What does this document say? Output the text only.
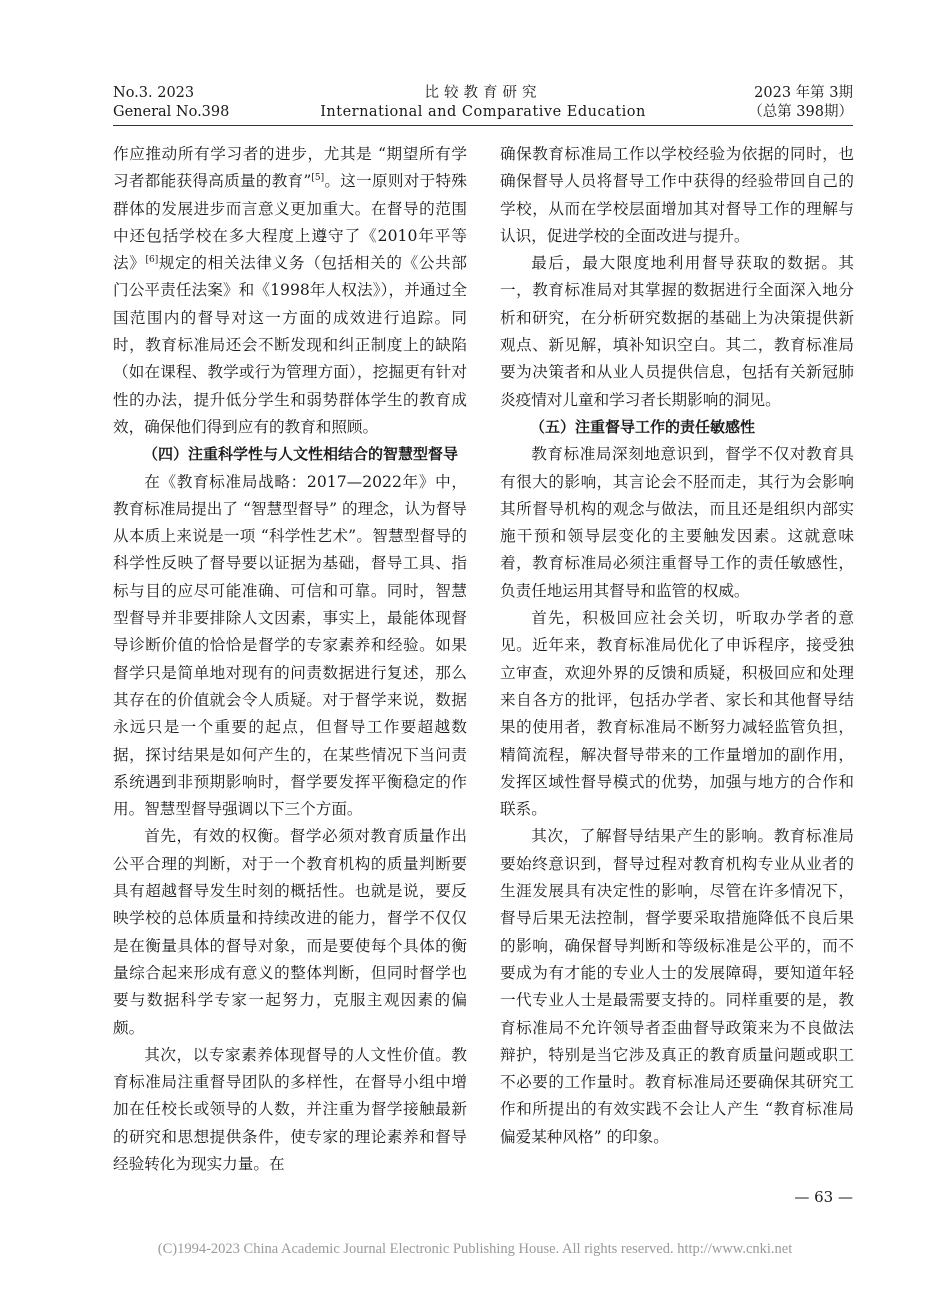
No.3. 2023
General No.398
比较教育研究
International and Comparative Education
2023 年第 3期
（总第 398期）

作应推动所有学习者的进步，尤其是 “期望所有学习者都能获得高质量的教育”[5]。这一原则对于特殊群体的发展进步而言意义更加重大。在督导的范围中还包括学校在多大程度上遵守了《2010年平等法》[6]规定的相关法律义务（包括相关的《公共部门公平责任法案》和《1998年人权法》），并通过全国范围内的督导对这一方面的成效进行追踪。同时，教育标准局还会不断发现和纠正制度上的缺陷（如在课程、教学或行为管理方面），挖掘更有针对性的办法，提升低分学生和弱势群体学生的教育成效，确保他们得到应有的教育和照顾。

（四）注重科学性与人文性相结合的智慧型督导

在《教育标准局战略：2017—2022年》中，教育标准局提出了 “智慧型督导” 的理念，认为督导从本质上来说是一项 “科学性艺术”。智慧型督导的科学性反映了督导要以证据为基础，督导工具、指标与目的应尽可能准确、可信和可靠。同时，智慧型督导并非要排除人文因素，事实上，最能体现督导诊断价值的恰恰是督学的专家素养和经验。如果督学只是简单地对现有的问责数据进行复述，那么其存在的价值就会令人质疑。对于督学来说，数据永远只是一个重要的起点，但督导工作要超越数据，探讨结果是如何产生的，在某些情况下当问责系统遇到非预期影响时，督学要发挥平衡稳定的作用。智慧型督导强调以下三个方面。

首先，有效的权衡。督学必须对教育质量作出公平合理的判断，对于一个教育机构的质量判断要具有超越督导发生时刻的概括性。也就是说，要反映学校的总体质量和持续改进的能力，督学不仅仅是在衡量具体的督导对象，而是要使每个具体的衡量综合起来形成有意义的整体判断，但同时督学也要与数据科学专家一起努力，克服主观因素的偏颇。

其次，以专家素养体现督导的人文性价值。教育标准局注重督导团队的多样性，在督导小组中增加在任校长或领导的人数，并注重为督学接触最新的研究和思想提供条件，使专家的理论素养和督导经验转化为现实力量。在

确保教育标准局工作以学校经验为依据的同时，也确保督导人员将督导工作中获得的经验带回自己的学校，从而在学校层面增加其对督导工作的理解与认识，促进学校的全面改进与提升。

最后，最大限度地利用督导获取的数据。其一，教育标准局对其掌握的数据进行全面深入地分析和研究，在分析研究数据的基础上为决策提供新观点、新见解，填补知识空白。其二，教育标准局要为决策者和从业人员提供信息，包括有关新冠肺炎疫情对儿童和学习者长期影响的洞见。

（五）注重督导工作的责任敏感性

教育标准局深刻地意识到，督学不仅对教育具有很大的影响，其言论会不胫而走，其行为会影响其所督导机构的观念与做法，而且还是组织内部实施干预和领导层变化的主要触发因素。这就意味着，教育标准局必须注重督导工作的责任敏感性，负责任地运用其督导和监管的权威。

首先，积极回应社会关切，听取办学者的意见。近年来，教育标准局优化了申诉程序，接受独立审查，欢迎外界的反馈和质疑，积极回应和处理来自各方的批评，包括办学者、家长和其他督导结果的使用者，教育标准局不断努力减轻监管负担，精简流程，解决督导带来的工作量增加的副作用，发挥区域性督导模式的优势，加强与地方的合作和联系。

其次，了解督导结果产生的影响。教育标准局要始终意识到，督导过程对教育机构专业从业者的生涯发展具有决定性的影响，尽管在许多情况下，督导后果无法控制，督学要采取措施降低不良后果的影响，确保督导判断和等级标准是公平的，而不要成为有才能的专业人士的发展障碍，要知道年轻一代专业人士是最需要支持的。同样重要的是，教育标准局不允许领导者歪曲督导政策来为不良做法辩护，特别是当它涉及真正的教育质量问题或职工不必要的工作量时。教育标准局还要确保其研究工作和所提出的有效实践不会让人产生 “教育标准局偏爱某种风格” 的印象。

— 63 —
(C)1994-2023 China Academic Journal Electronic Publishing House. All rights reserved. http://www.cnki.net
